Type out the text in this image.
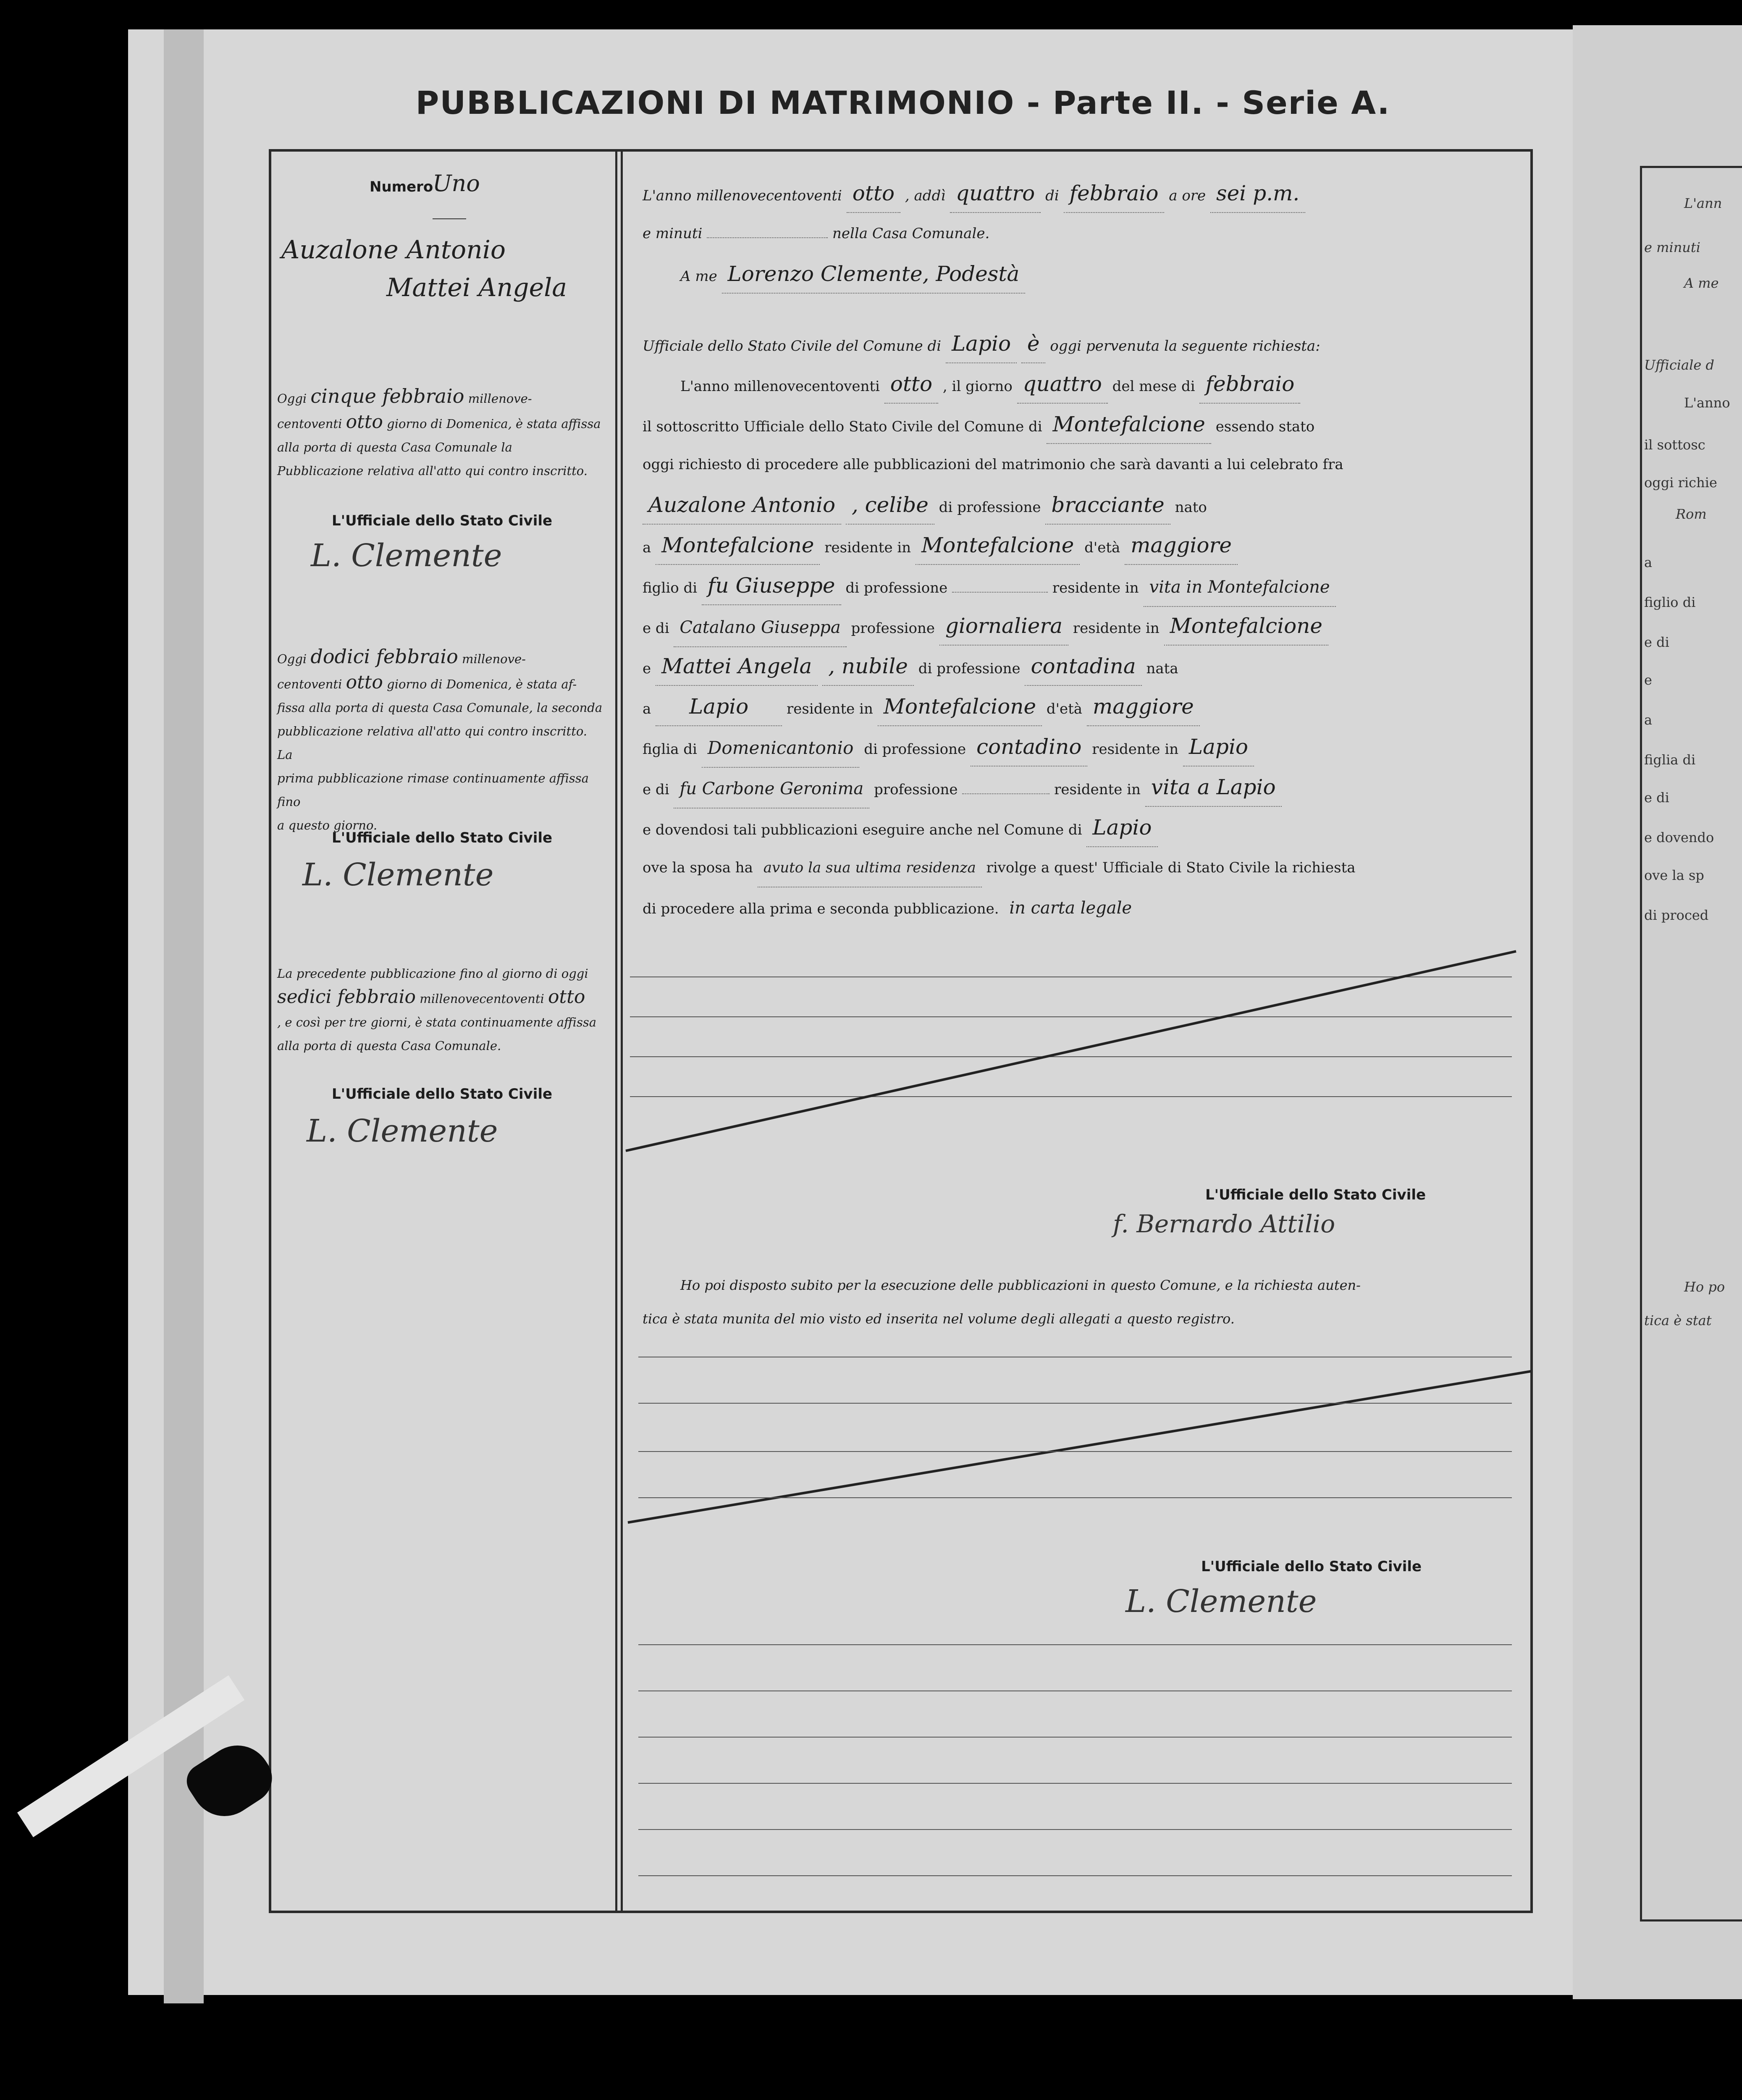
PUBBLICAZIONI DI MATRIMONIO - Parte II. - Serie A.
Numero
Uno
Auzalone Antonio
Mattei Angela
Oggi cinque febbraio millenove-
centoventi otto giorno di Domenica, è stata affissa
alla porta di questa Casa Comunale la
Pubblicazione relativa all'atto qui contro inscritto.
L'Ufficiale dello Stato Civile
L. Clemente
Oggi dodici febbraio millenove-
centoventi otto giorno di Domenica, è stata af-
fissa alla porta di questa Casa Comunale, la seconda
pubblicazione relativa all'atto qui contro inscritto. La
prima pubblicazione rimase continuamente affissa fino
a questo giorno.
L'Ufficiale dello Stato Civile
L. Clemente
La precedente pubblicazione fino al giorno di oggi
sedici febbraio millenovecentoventi otto
, e così per tre giorni, è stata continuamente affissa
alla porta di questa Casa Comunale.
L'Ufficiale dello Stato Civile
L. Clemente
L'anno millenovecentoventi otto , addì quattro di febbraio a ore sei p.m.
e minuti	nella Casa Comunale.
A me Lorenzo Clemente, Podestà
Ufficiale dello Stato Civile del Comune di Lapio è oggi pervenuta la seguente richiesta:
L'anno millenovecentoventi otto , il giorno quattro del mese di febbraio
il sottoscritto Ufficiale dello Stato Civile del Comune di Montefalcione essendo stato
oggi richiesto di procedere alle pubblicazioni del matrimonio che sarà davanti a lui celebrato fra
Auzalone Antonio , celibe di professione bracciante nato
a Montefalcione residente in Montefalcione d'età maggiore
figlio di fu Giuseppe di professione	residente in vita in Montefalcione
e di Catalano Giuseppa professione giornaliera residente in Montefalcione
e Mattei Angela , nubile di professione contadina nata
a Lapio	residente in Montefalcione d'età maggiore
figlia di Domenicantonio di professione contadino residente in Lapio
e di fu Carbone Geronima professione	residente in vita a Lapio
e dovendosi tali pubblicazioni eseguire anche nel Comune di Lapio
ove la sposa ha avuto la sua ultima residenza rivolge a quest' Ufficiale di Stato Civile la richiesta
di procedere alla prima e seconda pubblicazione. in carta legale
L'Ufficiale dello Stato Civile
f. Bernardo Attilio
Ho poi disposto subito per la esecuzione delle pubblicazioni in questo Comune, e la richiesta auten-
tica è stata munita del mio visto ed inserita nel volume degli allegati a questo registro.
L'Ufficiale dello Stato Civile
L. Clemente
L'ann
e minuti
A me
Ufficiale d
L'anno
il sottosc
oggi richie
Rom
a
figlio di
e di
e
a
figlia di
e di
e dovendo
ove la sp
di proced
Ho po
tica è stat
